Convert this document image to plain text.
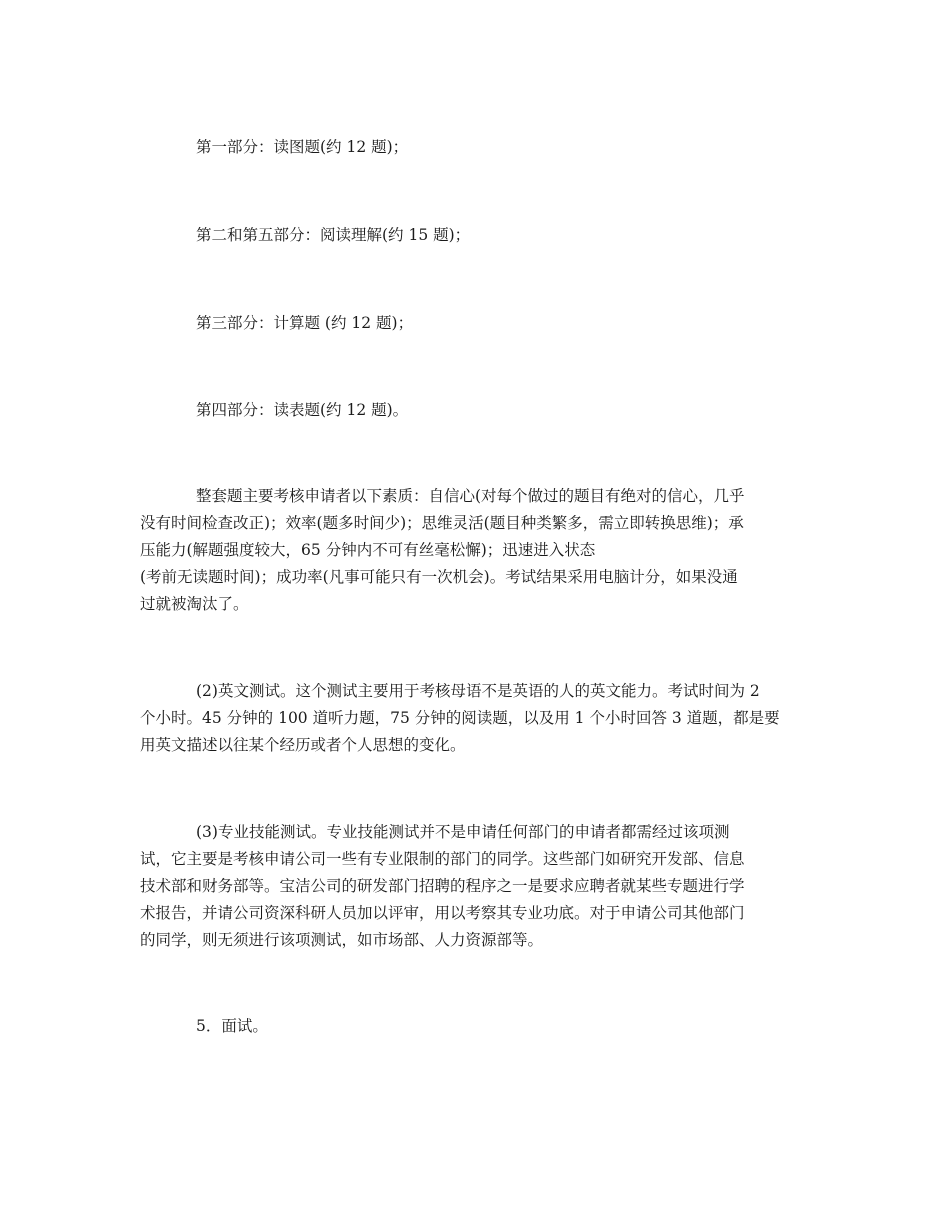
第一部分：读图题(约 12 题)；
第二和第五部分：阅读理解(约 15 题)；
第三部分：计算题 (约 12 题)；
第四部分：读表题(约 12 题)。
整套题主要考核申请者以下素质：自信心(对每个做过的题目有绝对的信心，几乎
没有时间检查改正)；效率(题多时间少)；思维灵活(题目种类繁多，需立即转换思维)；承
压能力(解题强度较大，65 分钟内不可有丝毫松懈)；迅速进入状态
(考前无读题时间)；成功率(凡事可能只有一次机会)。考试结果采用电脑计分，如果没通
过就被淘汰了。
(2)英文测试。这个测试主要用于考核母语不是英语的人的英文能力。考试时间为 2
个小时。45 分钟的 100 道听力题，75 分钟的阅读题，以及用 1 个小时回答 3 道题，都是要
用英文描述以往某个经历或者个人思想的变化。
(3)专业技能测试。专业技能测试并不是申请任何部门的申请者都需经过该项测
试，它主要是考核申请公司一些有专业限制的部门的同学。这些部门如研究开发部、信息
技术部和财务部等。宝洁公司的研发部门招聘的程序之一是要求应聘者就某些专题进行学
术报告，并请公司资深科研人员加以评审，用以考察其专业功底。对于申请公司其他部门
的同学，则无须进行该项测试，如市场部、人力资源部等。
5．面试。
